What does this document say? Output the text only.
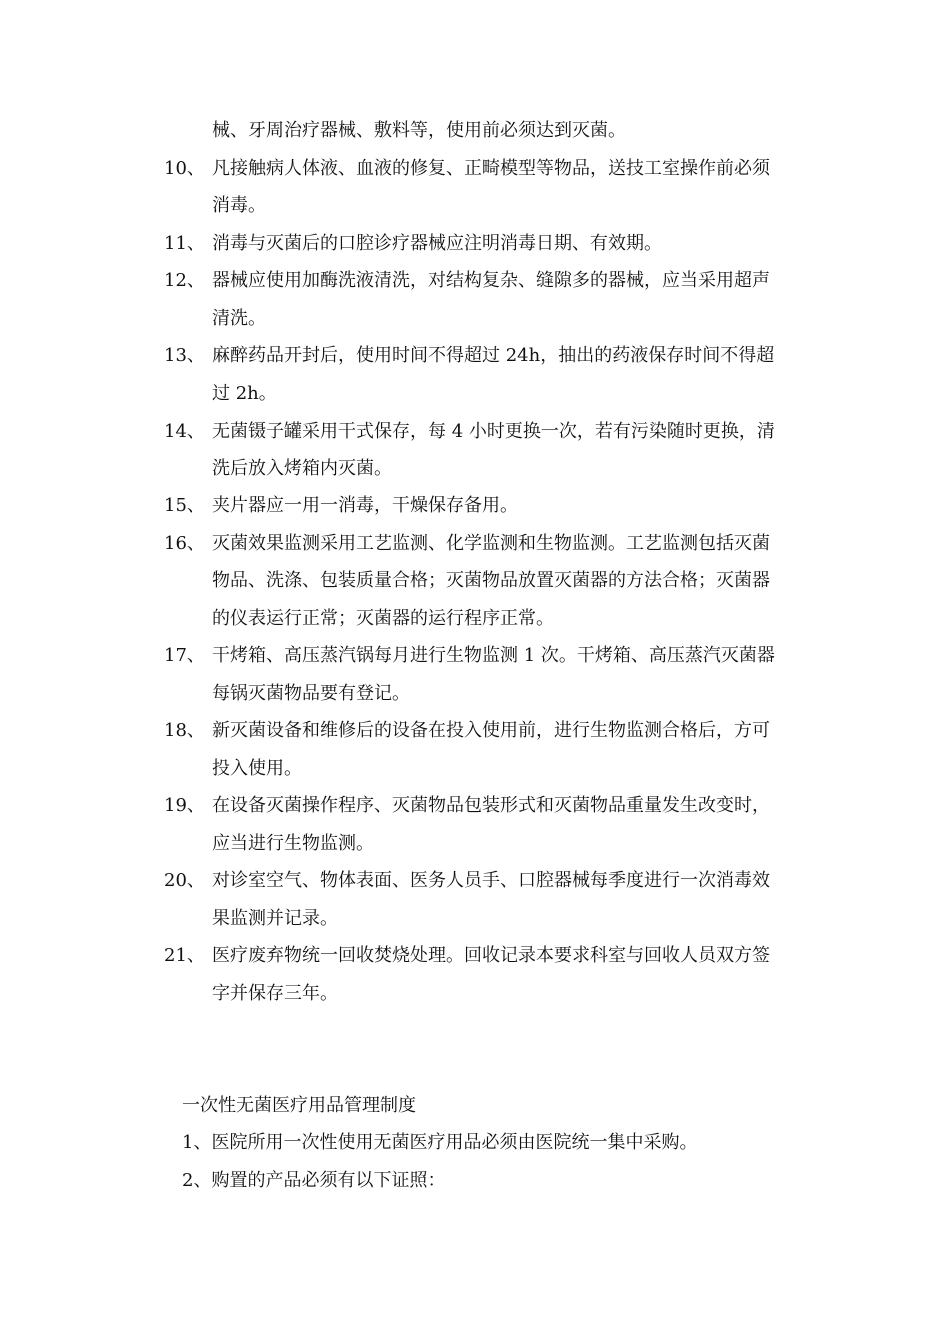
械、牙周治疗器械、敷料等，使用前必须达到灭菌。
10、 凡接触病人体液、血液的修复、正畸模型等物品，送技工室操作前必须
消毒。
11、 消毒与灭菌后的口腔诊疗器械应注明消毒日期、有效期。
12、 器械应使用加酶洗液清洗，对结构复杂、缝隙多的器械，应当采用超声
清洗。
13、 麻醉药品开封后，使用时间不得超过 24h，抽出的药液保存时间不得超
过 2h。
14、 无菌镊子罐采用干式保存，每 4 小时更换一次，若有污染随时更换，清
洗后放入烤箱内灭菌。
15、 夹片器应一用一消毒，干燥保存备用。
16、 灭菌效果监测采用工艺监测、化学监测和生物监测。工艺监测包括灭菌
物品、洗涤、包装质量合格；灭菌物品放置灭菌器的方法合格；灭菌器
的仪表运行正常；灭菌器的运行程序正常。
17、 干烤箱、高压蒸汽锅每月进行生物监测 1 次。干烤箱、高压蒸汽灭菌器
每锅灭菌物品要有登记。
18、 新灭菌设备和维修后的设备在投入使用前，进行生物监测合格后，方可
投入使用。
19、 在设备灭菌操作程序、灭菌物品包装形式和灭菌物品重量发生改变时，
应当进行生物监测。
20、 对诊室空气、物体表面、医务人员手、口腔器械每季度进行一次消毒效
果监测并记录。
21、 医疗废弃物统一回收焚烧处理。回收记录本要求科室与回收人员双方签
字并保存三年。
一次性无菌医疗用品管理制度
1、医院所用一次性使用无菌医疗用品必须由医院统一集中采购。
2、购置的产品必须有以下证照：
